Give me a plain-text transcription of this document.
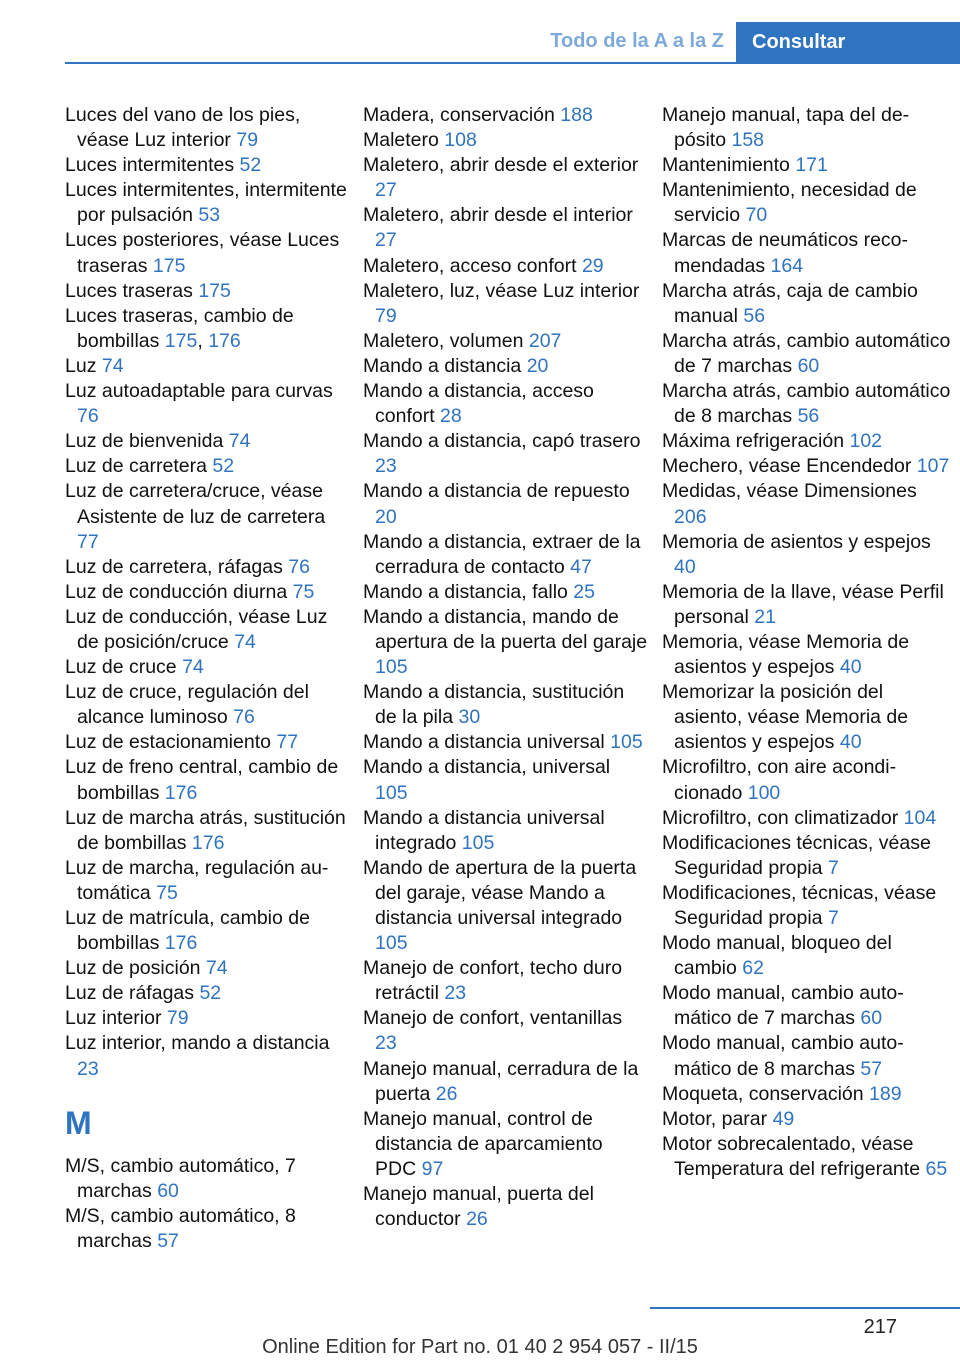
Todo de la A a la Z	Consultar

Luces del vano de los pies, véase Luz interior 79

Luces intermitentes 52

Luces intermitentes, intermitente por pulsación 53

Luces posteriores, véase Luces traseras 175

Luces traseras 175

Luces traseras, cambio de bombillas 175, 176

Luz 74

Luz autoadaptable para curvas 76

Luz de bienvenida 74

Luz de carretera 52

Luz de carretera/cruce, véase Asistente de luz de carretera 77

Luz de carretera, ráfagas 76

Luz de conducción diurna 75

Luz de conducción, véase Luz de posición/cruce 74

Luz de cruce 74

Luz de cruce, regulación del alcance luminoso 76

Luz de estacionamiento 77

Luz de freno central, cambio de bombillas 176

Luz de marcha atrás, sustitución de bombillas 176

Luz de marcha, regulación automática 75

Luz de matrícula, cambio de bombillas 176

Luz de posición 74

Luz de ráfagas 52

Luz interior 79

Luz interior, mando a distancia 23

M

M/S, cambio automático, 7 marchas 60

M/S, cambio automático, 8 marchas 57

Madera, conservación 188

Maletero 108

Maletero, abrir desde el exterior 27

Maletero, abrir desde el interior 27

Maletero, acceso confort 29

Maletero, luz, véase Luz interior 79

Maletero, volumen 207

Mando a distancia 20

Mando a distancia, acceso confort 28

Mando a distancia, capó trasero 23

Mando a distancia de repuesto 20

Mando a distancia, extraer de la cerradura de contacto 47

Mando a distancia, fallo 25

Mando a distancia, mando de apertura de la puerta del garaje 105

Mando a distancia, sustitución de la pila 30

Mando a distancia universal 105

Mando a distancia, universal 105

Mando a distancia universal integrado 105

Mando de apertura de la puerta del garaje, véase Mando a distancia universal integrado 105

Manejo de confort, techo duro retráctil 23

Manejo de confort, ventanillas 23

Manejo manual, cerradura de la puerta 26

Manejo manual, control de distancia de aparcamiento PDC 97

Manejo manual, puerta del conductor 26

Manejo manual, tapa del depósito 158

Mantenimiento 171

Mantenimiento, necesidad de servicio 70

Marcas de neumáticos recomendadas 164

Marcha atrás, caja de cambio manual 56

Marcha atrás, cambio automático de 7 marchas 60

Marcha atrás, cambio automático de 8 marchas 56

Máxima refrigeración 102

Mechero, véase Encendedor 107

Medidas, véase Dimensiones 206

Memoria de asientos y espejos 40

Memoria de la llave, véase Perfil personal 21

Memoria, véase Memoria de asientos y espejos 40

Memorizar la posición del asiento, véase Memoria de asientos y espejos 40

Microfiltro, con aire acondicionado 100

Microfiltro, con climatizador 104

Modificaciones técnicas, véase Seguridad propia 7

Modificaciones, técnicas, véase Seguridad propia 7

Modo manual, bloqueo del cambio 62

Modo manual, cambio automático de 7 marchas 60

Modo manual, cambio automático de 8 marchas 57

Moqueta, conservación 189

Motor, parar 49

Motor sobrecalentado, véase Temperatura del refrigerante 65

217
Online Edition for Part no. 01 40 2 954 057 - II/15
